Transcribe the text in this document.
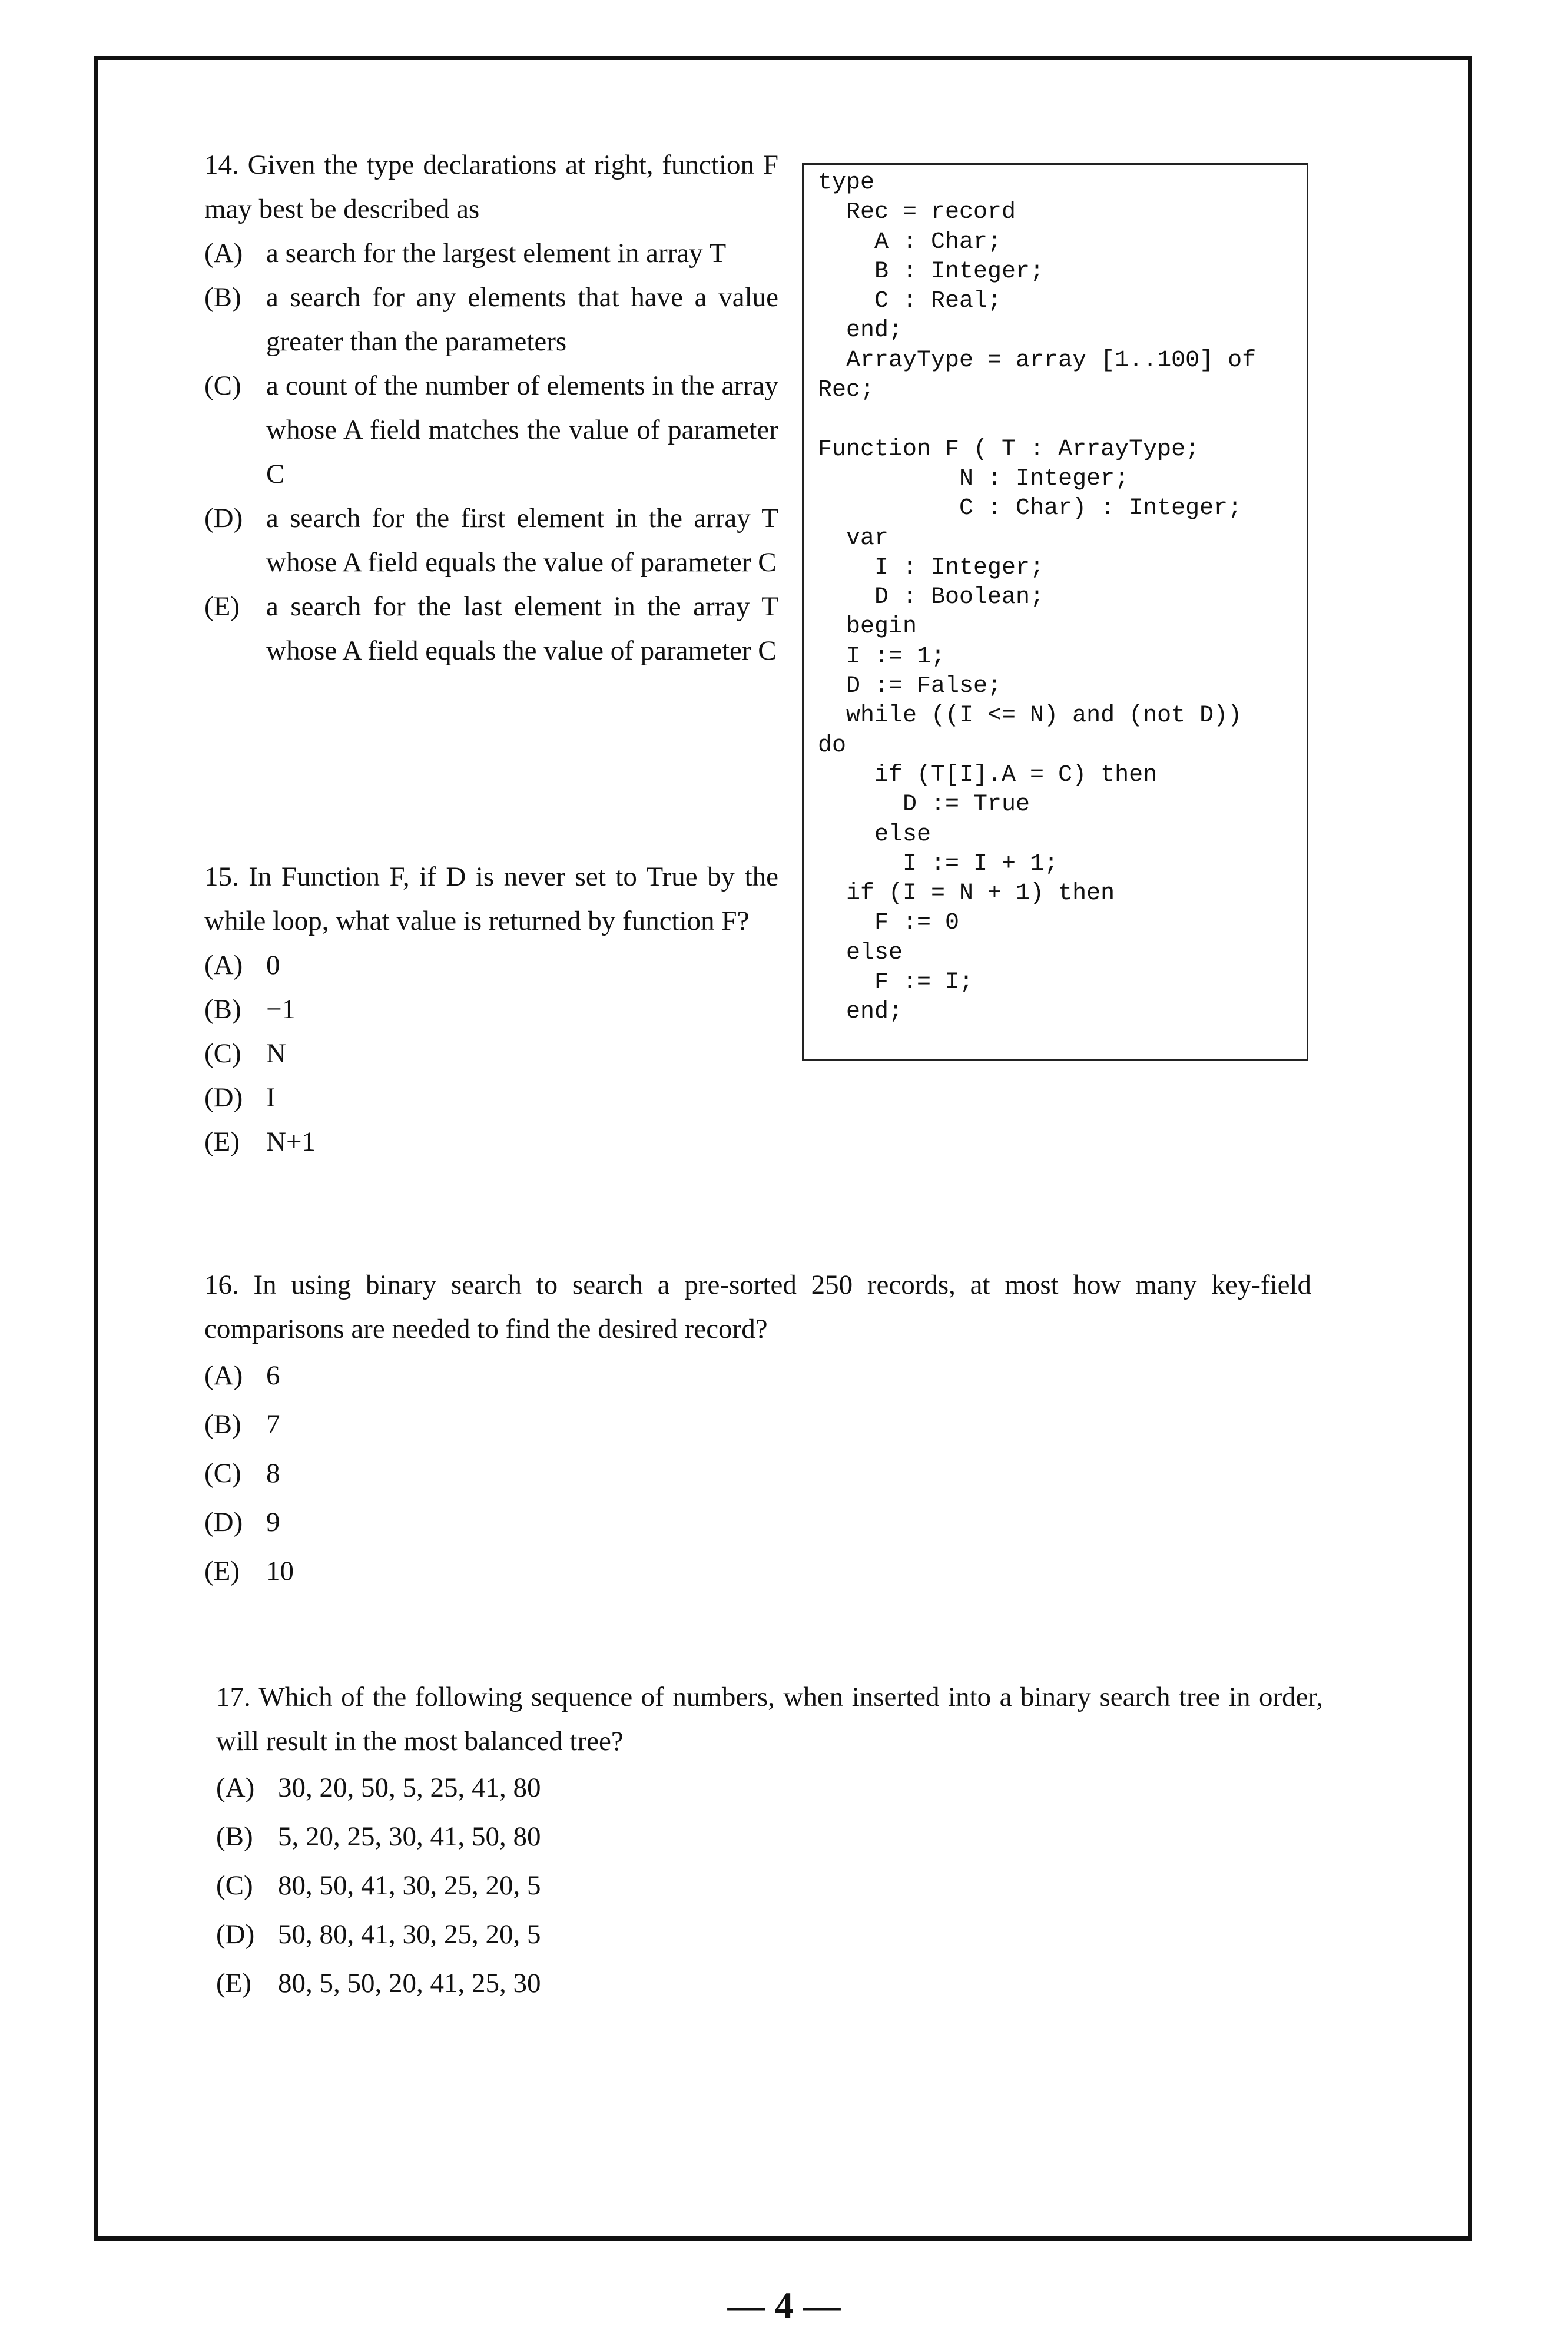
14. Given the type declarations at right, function F may best be described as
(A) a search for the largest element in array T
(B) a search for any elements that have a value greater than the parameters
(C) a count of the number of elements in the array whose A field matches the value of parameter C
(D) a search for the first element in the array T whose A field equals the value of parameter C
(E) a search for the last element in the array T whose A field equals the value of parameter C
type
Rec = record
A : Char;
B : Integer;
C : Real;
end;
ArrayType = array [1..100] of
Rec;

Function F ( T : ArrayType;
N : Integer;
C : Char) : Integer;
var
I : Integer;
D : Boolean;
begin
I := 1;
D := False;
while ((I <= N) and (not D))
do
if (T[I].A = C) then
D := True
else
I := I + 1;
if (I = N + 1) then
F := 0
else
F := I;
end;
15. In Function F, if D is never set to True by the while loop, what value is returned by function F?
(A) 0
(B) −1
(C) N
(D) I
(E) N+1
16. In using binary search to search a pre-sorted 250 records, at most how many key-field comparisons are needed to find the desired record?
(A) 6
(B) 7
(C) 8
(D) 9
(E) 10
17. Which of the following sequence of numbers, when inserted into a binary search tree in order, will result in the most balanced tree?
(A) 30, 20, 50, 5, 25, 41, 80
(B) 5, 20, 25, 30, 41, 50, 80
(C) 80, 50, 41, 30, 25, 20, 5
(D) 50, 80, 41, 30, 25, 20, 5
(E) 80, 5, 50, 20, 41, 25, 30
— 4 —
